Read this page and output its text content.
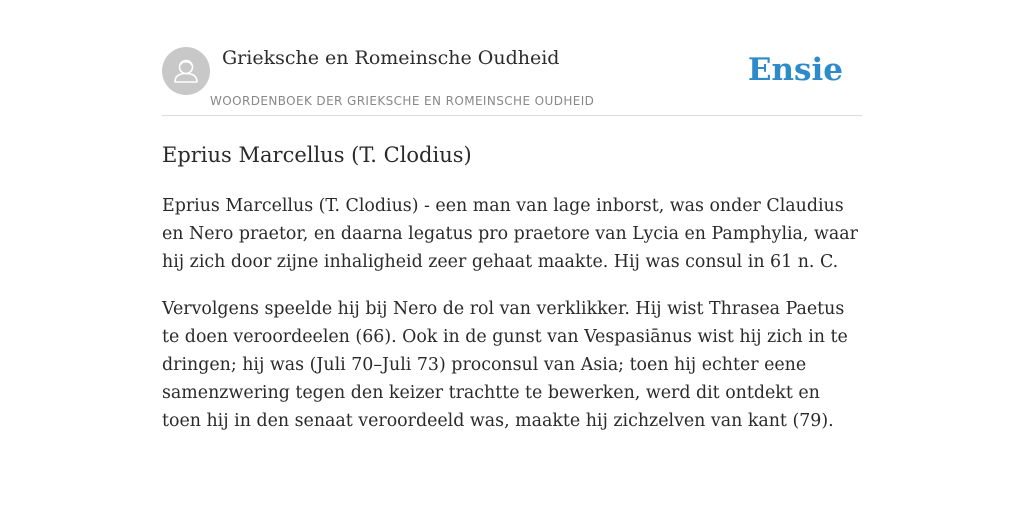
Grieksche en Romeinsche Oudheid
WOORDENBOEK DER GRIEKSCHE EN ROMEINSCHE OUDHEID
Ensie
Eprius Marcellus (T. Clodius)

Eprius Marcellus (T. Clodius) - een man van lage inborst, was onder Claudius en Nero praetor, en daarna legatus pro praetore van Lycia en Pamphylia, waar hij zich door zijne inhaligheid zeer gehaat maakte. Hij was consul in 61 n. C.

Vervolgens speelde hij bij Nero de rol van verklikker. Hij wist Thrasea Paetus te doen veroordeelen (66). Ook in de gunst van Vespasiānus wist hij zich in te dringen; hij was (Juli 70–Juli 73) proconsul van Asia; toen hij echter eene samenzwering tegen den keizer trachtte te bewerken, werd dit ontdekt en toen hij in den senaat veroordeeld was, maakte hij zichzelven van kant (79).
